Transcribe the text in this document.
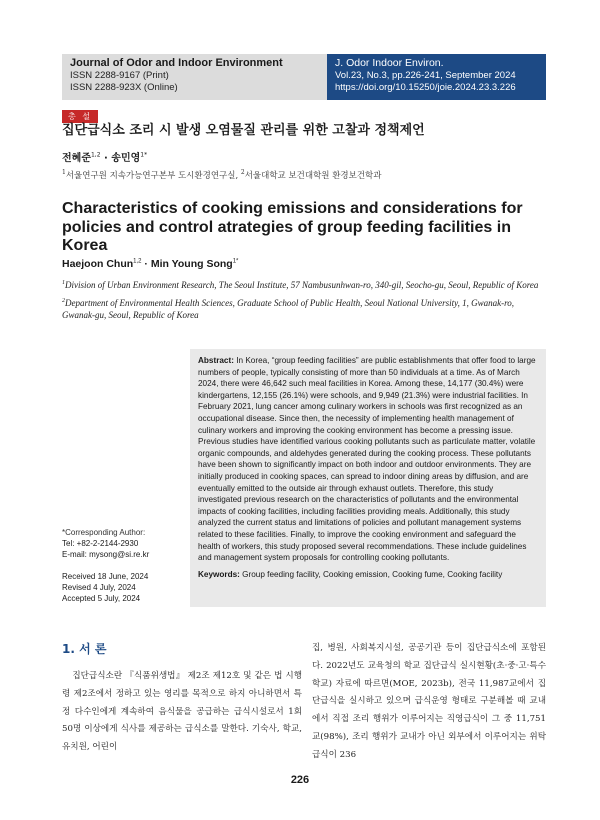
Journal of Odor and Indoor Environment
ISSN 2288-9167 (Print)
ISSN 2288-923X (Online)
J. Odor Indoor Environ.
Vol.23, No.3, pp.226-241, September 2024
https://doi.org/10.15250/joie.2024.23.3.226
총 설
집단급식소 조리 시 발생 오염물질 관리를 위한 고찰과 정책제언
전혜준$^{1,2}$ · 송민영$^{1*}$
$^1$서울연구원 지속가능연구본부 도시환경연구실, $^2$서울대학교 보건대학원 환경보건학과
Characteristics of cooking emissions and considerations for policies and control atrategies of group feeding facilities in Korea
Haejoon Chun$^{1,2}$ · Min Young Song$^{1*}$

$^1$Division of Urban Environment Research, The Seoul Institute, 57 Nambusunhwan-ro, 340-gil, Seocho-gu, Seoul, Republic of Korea

$^2$Department of Environmental Health Sciences, Graduate School of Public Health, Seoul National University, 1, Gwanak-ro, Gwanak-gu, Seoul, Republic of Korea

*Corresponding Author:
Tel: +82-2-2144-2930
E-mail: mysong@si.re.kr
Received 18 June, 2024
Revised 4 July, 2024
Accepted 5 July, 2024
Abstract: In Korea, “group feeding facilities” are public establishments that offer food to large numbers of people, typically consisting of more than 50 individuals at a time. As of March 2024, there were 46,642 such meal facilities in Korea. Among these, 14,177 (30.4%) were kindergartens, 12,155 (26.1%) were schools, and 9,949 (21.3%) were industrial facilities. In February 2021, lung cancer among culinary workers in schools was first recognized as an occupational disease. Since then, the necessity of implementing health management of culinary workers and improving the cooking environment has become a pressing issue. Previous studies have identified various cooking pollutants such as particulate matter, volatile organic compounds, and aldehydes generated during the cooking process. These pollutants have been shown to significantly impact on both indoor and outdoor environments. They are initially produced in cooking spaces, can spread to indoor dining areas by diffusion, and are eventually emitted to the outside air through exhaust outlets. Therefore, this study investigated previous research on the characteristics of pollutants and the environmental impacts of cooking facilities, including facilities providing meals. Additionally, this study analyzed the current status and limitations of policies and pollutant management systems related to these facilities. Finally, to improve the cooking environment and safeguard the health of workers, this study proposed several recommendations. These include guidelines and management system proposals for controlling cooking pollutants.
Keywords: Group feeding facility, Cooking emission, Cooking fume, Cooking facility
1. 서 론
집단급식소란 『식품위생법』 제2조 제12호 및 같은 법 시행령 제2조에서 정하고 있는 영리를 목적으로 하지 아니하면서 특정 다수인에게 계속하여 음식물을 공급하는 급식시설로서 1회 50명 이상에게 식사를 제공하는 급식소를 말한다. 기숙사, 학교, 유치원, 어린이
집, 병원, 사회복지시설, 공공기관 등이 집단급식소에 포함된다. 2022년도 교육청의 학교 집단급식 실시현황(초·중·고·특수학교) 자료에 따르면(MOE, 2023b), 전국 11,987교에서 집단급식을 실시하고 있으며 급식운영 형태로 구분해볼 때 교내에서 직접 조리 행위가 이루어지는 직영급식이 그 중 11,751교(98%), 조리 행위가 교내가 아닌 외부에서 이루어지는 위탁급식이 236
226
